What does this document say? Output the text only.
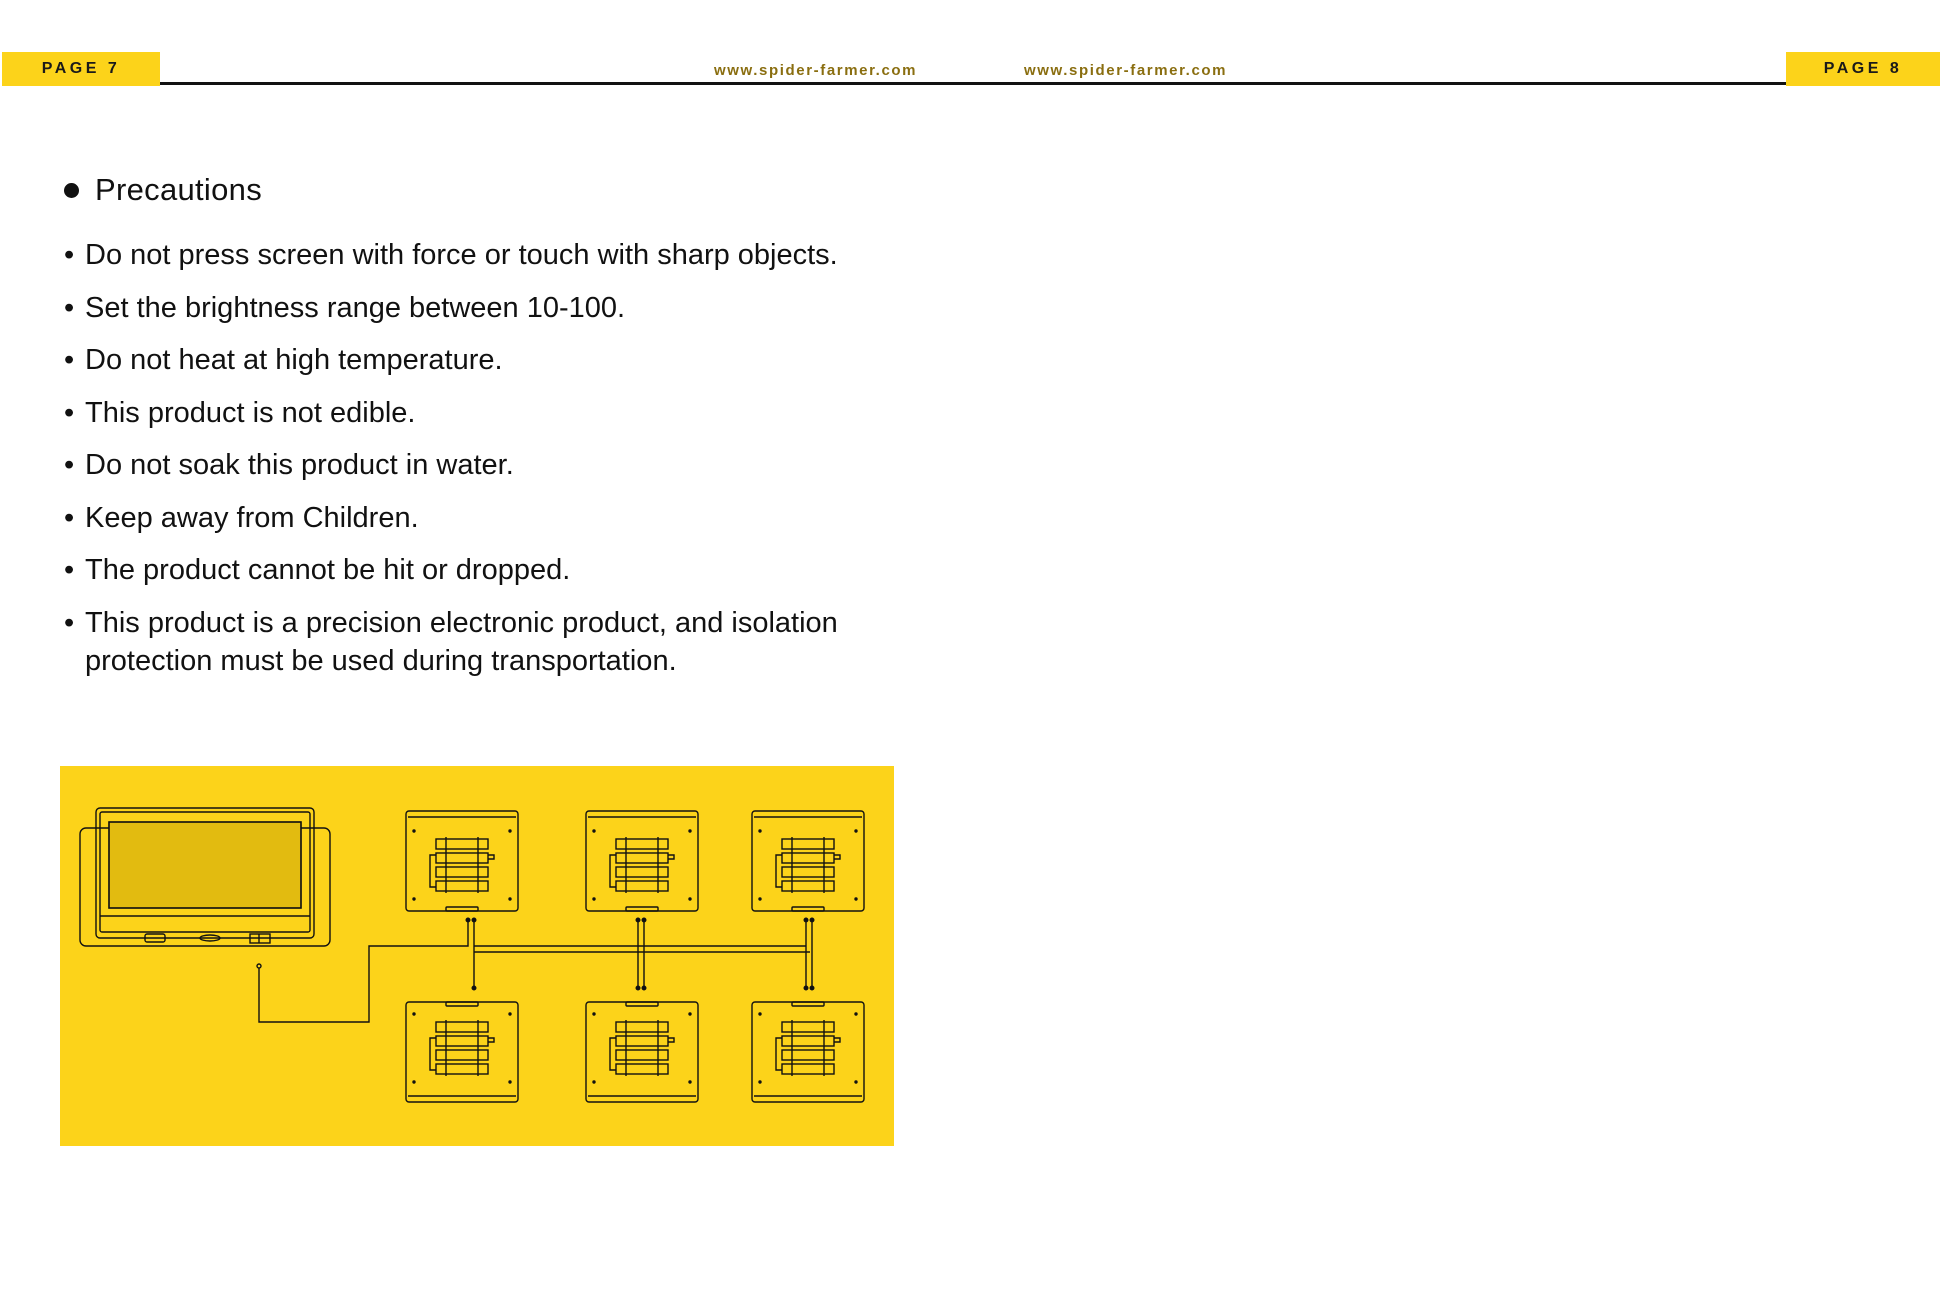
PAGE 7	www.spider-farmer.com	www.spider-farmer.com	PAGE 8
Precautions
• Do not press screen with force or touch with sharp objects.
• Set the brightness range between 10-100.
• Do not heat at high temperature.
• This product is not edible.
• Do not soak this product in water.
• Keep away from Children.
• The product cannot be hit or dropped.
• This product is a precision electronic product, and isolation protection must be used during transportation.
